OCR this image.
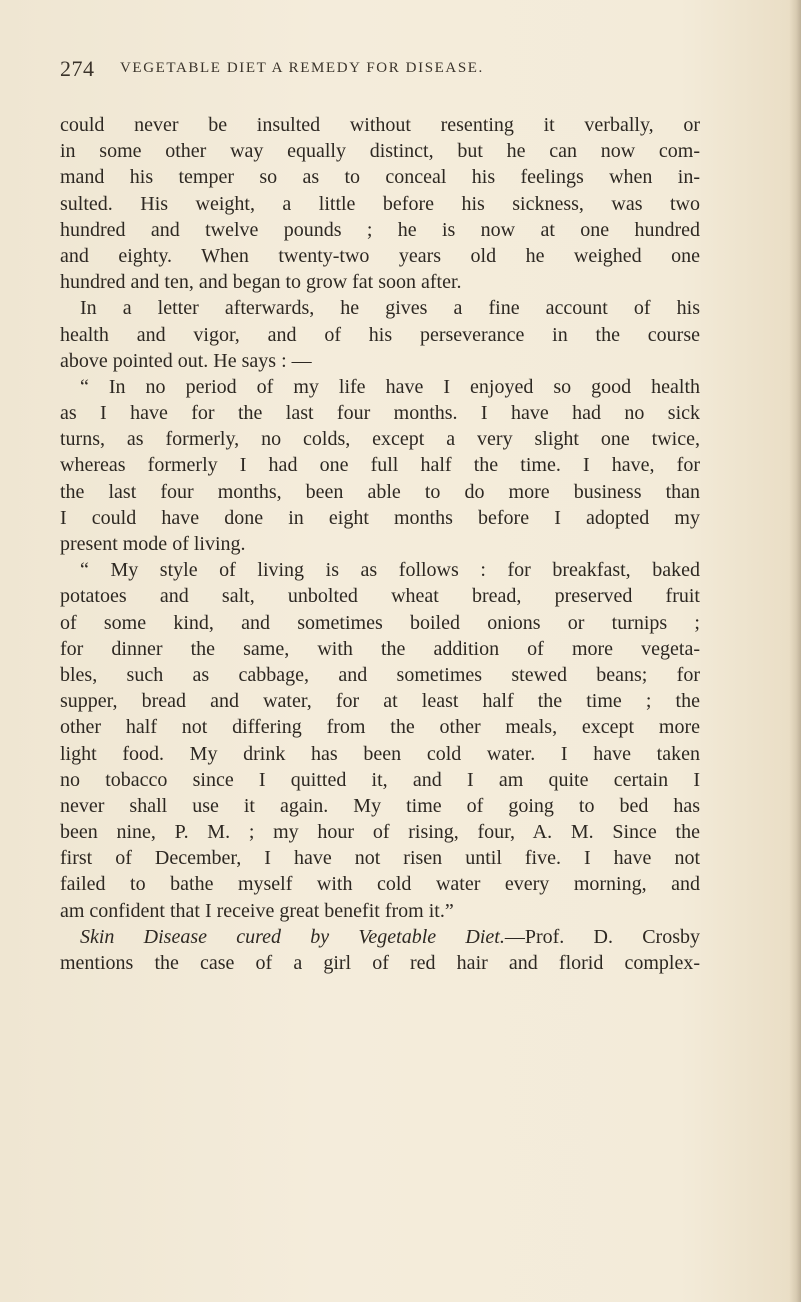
274 VEGETABLE DIET A REMEDY FOR DISEASE.
could never be insulted without resenting it verbally, or
in some other way equally distinct, but he can now com-
mand his temper so as to conceal his feelings when in-
sulted. His weight, a little before his sickness, was two
hundred and twelve pounds ; he is now at one hundred
and eighty. When twenty-two years old he weighed one
hundred and ten, and began to grow fat soon after.
In a letter afterwards, he gives a fine account of his
health and vigor, and of his perseverance in the course
above pointed out. He says : —
“ In no period of my life have I enjoyed so good health
as I have for the last four months. I have had no sick
turns, as formerly, no colds, except a very slight one twice,
whereas formerly I had one full half the time. I have, for
the last four months, been able to do more business than
I could have done in eight months before I adopted my
present mode of living.
“ My style of living is as follows : for breakfast, baked
potatoes and salt, unbolted wheat bread, preserved fruit
of some kind, and sometimes boiled onions or turnips ;
for dinner the same, with the addition of more vegeta-
bles, such as cabbage, and sometimes stewed beans; for
supper, bread and water, for at least half the time ; the
other half not differing from the other meals, except more
light food. My drink has been cold water. I have taken
no tobacco since I quitted it, and I am quite certain I
never shall use it again. My time of going to bed has
been nine, P. M. ; my hour of rising, four, A. M. Since the
first of December, I have not risen until five. I have not
failed to bathe myself with cold water every morning, and
am confident that I receive great benefit from it.”
Skin Disease cured by Vegetable Diet.—Prof. D. Crosby
mentions the case of a girl of red hair and florid complex-
